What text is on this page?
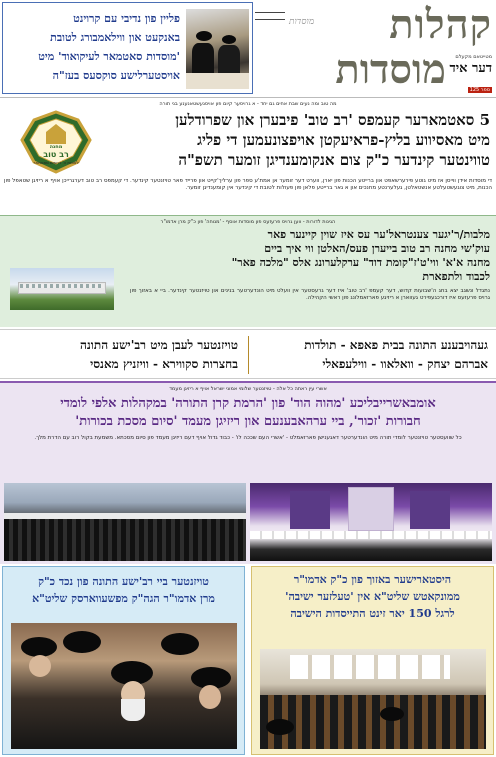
קהלות
מוסדות	מטייטאם מקעלם
דער איד
ספר 125
מוסדות
פליין פון נדיבי עם קרוינט
באנקעט און ווילאמבורג לטובת
'מוסדות סאטמאר לעיקואוד' מיט
אויסטערלישע סוקסעס בעז"ה
מה טוב ומה נעים שבת אחים גם יחד - א גרויסער קיום פון אויסגעשטאנענע בני תורה
5 סאטמארער קעמפס 'רב טוב' פיבערן און שפרודלען
מיט מאסיווע בליץ-פראיעקטן אויפצונעמען די פליג
טווינטער קינדער כ"ק צום אנקומענדיגן זומער תשפ"ה
מחנה
רב טוב
לאונות ה' רחמים סאטמאר
די מוסדות אידן ווייסן אז מיט גוטע פירערשאפט און ברייטע הכנות פון יארן, ווערט דער זומער אן אמת'ע ספר פון ערליך'קייט און פרייד פאר טויזנטער קינדער. די קעמפס רב טוב דערגרייכן אויף א ריזיגן שטאפל פון הכנות, מיט צוגעשטעלטע אנשטאלטן, געלערנטע מחנכים און א גאר ברייטע פלאן פון פעולות לטובת די קינדער אין קומענדיגן זומער.
הגינות לדורות - ווען גרויס פרעזעס פון מוסדות אוסף - 'מנוחה' פון כ"ק מרן אדמו"ר
מלבות/ר'יגער צענטראל'ער עס איז שוין קיינער פאר
עוק'שי מחנה רב טוב בייערן פעס/האלטן ווי איך ביים
מחנה א'א' ווי'ט'ז"קומת דוד" ערקלערונג אלס "מלכה פאר"
לכבוד ולתפארת
נתגדל ונשגב יצא בחג ה'שבועות קדוש, דער קעמפ 'רב טוב' איז דער גרעסטער אין וועלט מיט הונדערטער בנינים און טויזנטער קינדער. ביי א באזוך פון גרויס פרעזעס איז דורכגעפירט געווארן א ריזיגע פארזאמלונג פון ראשי הקהילה.
געהויבענע התונה בבית פאפא - תולדות
אברהם יצחק - וואלאוו - ווילעפאלי
טויזנטער לעבן מיט רב'ישע התונה
בחצרות סקווירא - וויזניץ מאנסי
אשרי עין ראתה כל אלה - טויזנטער שלומי אמוני ישראל אויף א ריזיגן מעמד
אומבאשרייבליכע 'מהוה הוד' פון 'הרמת קרן התורה' במקהלות אלפי לומדי
חבורות 'זכור', ביי ערהאבענעם און ריזיגן מעמד 'סיום מסכת בכורות'
כל שוועסטער טויזנטער לומדי תורה מיט הונדערטער דאגענישן פארזאמלט - 'אשרי העם שככה לו' - כבוד גדול אויף דעם ריזיגן מעמד פון סיום מסכתא. משמעת בקול רוב עם הדרת מלך.
טויזנטער ביי רב'ישע התונה פון נכד כ"ק
מרן אדמו"ר הגה"ק מפשעווארסק שליט"א
היסטארישער באזוך פון כ"ק אדמו"ר
ממונקאטש שליט"א אין 'טעלזער ישיבה'
לרגל 150 יאר זינט התייסדות הישיבה
